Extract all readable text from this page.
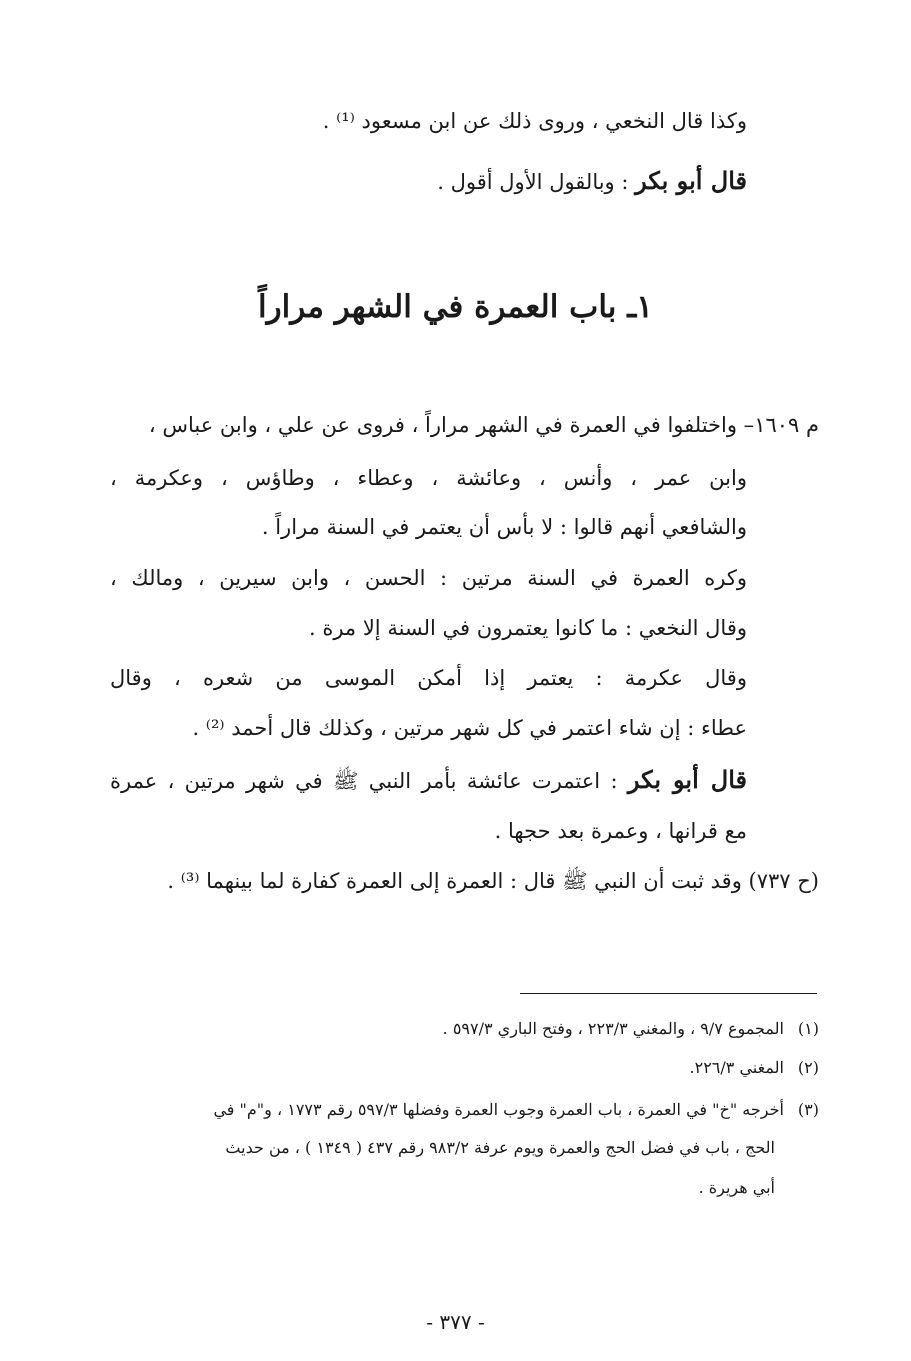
وكذا قال النخعي ، وروى ذلك عن ابن مسعود ⁽¹⁾ .
قال أبو بكر : وبالقول الأول أقول .
١ـ باب العمرة في الشهر مراراً
م ١٦٠٩– واختلفوا في العمرة في الشهر مراراً ، فروى عن علي ، وابن عباس ،
وابن عمر ، وأنس ، وعائشة ، وعطاء ، وطاؤس ، وعكرمة ،
والشافعي أنهم قالوا : لا بأس أن يعتمر في السنة مراراً .
وكره العمرة في السنة مرتين : الحسن ، وابن سيرين ، ومالك ،
وقال النخعي : ما كانوا يعتمرون في السنة إلا مرة .
وقال عكرمة : يعتمر إذا أمكن الموسى من شعره ، وقال
عطاء : إن شاء اعتمر في كل شهر مرتين ، وكذلك قال أحمد ⁽²⁾ .
قال أبو بكر : اعتمرت عائشة بأمر النبي ﷺ في شهر مرتين ، عمرة
مع قرانها ، وعمرة بعد حجها .
(ح ٧٣٧) وقد ثبت أن النبي ﷺ قال : العمرة إلى العمرة كفارة لما بينهما ⁽³⁾ .
(١)المجموع ٩/٧ ، والمغني ٢٢٣/٣ ، وفتح الباري ٥٩٧/٣ .
(٢)المغني ٢٢٦/٣.
(٣)أخرجه "خ" في العمرة ، باب العمرة وجوب العمرة وفضلها ٥٩٧/٣ رقم ١٧٧٣ ، و"م" في
الحج ، باب في فضل الحج والعمرة ويوم عرفة ٩٨٣/٢ رقم ٤٣٧ ( ١٣٤٩ ) ، من حديث
أبي هريرة .
- ٣٧٧ -
